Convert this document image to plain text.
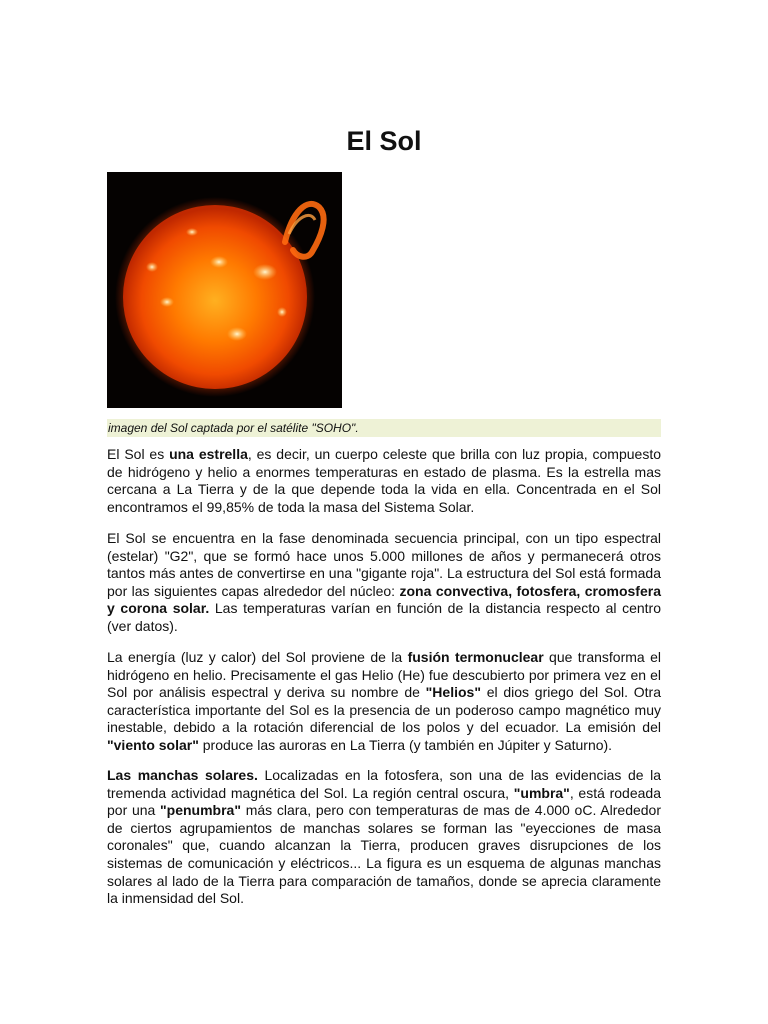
El Sol
imagen del Sol captada por el satélite "SOHO".

El Sol es una estrella, es decir, un cuerpo celeste que brilla con luz propia, compuesto de hidrógeno y helio a enormes temperaturas en estado de plasma. Es la estrella mas cercana a La Tierra y de la que depende toda la vida en ella. Concentrada en el Sol encontramos el 99,85% de toda la masa del Sistema Solar.

El Sol se encuentra en la fase denominada secuencia principal, con un tipo espectral (estelar) "G2", que se formó hace unos 5.000 millones de años y permanecerá otros tantos más antes de convertirse en una "gigante roja". La estructura del Sol está formada por las siguientes capas alrededor del núcleo: zona convectiva, fotosfera, cromosfera y corona solar. Las temperaturas varían en función de la distancia respecto al centro (ver datos).

La energía (luz y calor) del Sol proviene de la fusión termonuclear que transforma el hidrógeno en helio. Precisamente el gas Helio (He) fue descubierto por primera vez en el Sol por análisis espectral y deriva su nombre de "Helios" el dios griego del Sol. Otra característica importante del Sol es la presencia de un poderoso campo magnético muy inestable, debido a la rotación diferencial de los polos y del ecuador. La emisión del "viento solar" produce las auroras en La Tierra (y también en Júpiter y Saturno).

Las manchas solares. Localizadas en la fotosfera, son una de las evidencias de la tremenda actividad magnética del Sol. La región central oscura, "umbra", está rodeada por una "penumbra" más clara, pero con temperaturas de mas de 4.000 oC. Alrededor de ciertos agrupamientos de manchas solares se forman las "eyecciones de masa coronales" que, cuando alcanzan la Tierra, producen graves disrupciones de los sistemas de comunicación y eléctricos... La figura es un esquema de algunas manchas solares al lado de la Tierra para comparación de tamaños, donde se aprecia claramente la inmensidad del Sol.
